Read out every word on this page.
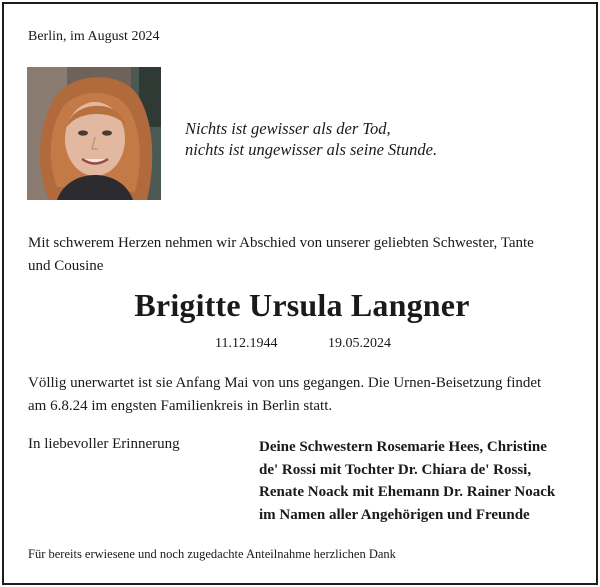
Berlin, im August 2024
Nichts ist gewisser als der Tod,
nichts ist ungewisser als seine Stunde.
Mit schwerem Herzen nehmen wir Abschied von unserer geliebten Schwester, Tante
und Cousine
Brigitte Ursula Langner
11.12.1944	19.05.2024
Völlig unerwartet ist sie Anfang Mai von uns gegangen. Die Urnen-Beisetzung findet
am 6.8.24 im engsten Familienkreis in Berlin statt.
In liebevoller Erinnerung	Deine Schwestern Rosemarie Hees, Christine
de' Rossi mit Tochter Dr. Chiara de' Rossi,
Renate Noack mit Ehemann Dr. Rainer Noack
im Namen aller Angehörigen und Freunde
Für bereits erwiesene und noch zugedachte Anteilnahme herzlichen Dank
